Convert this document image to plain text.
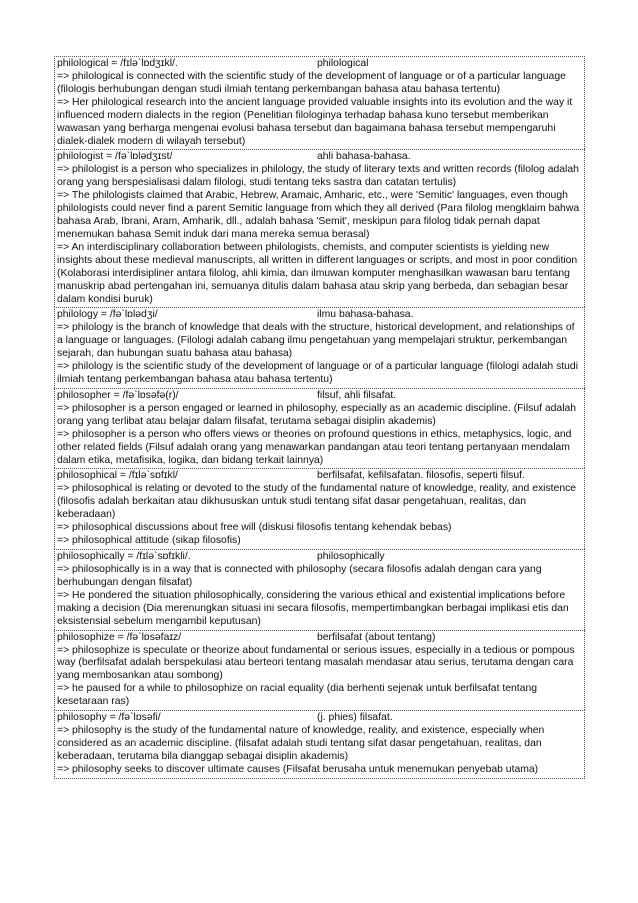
philological = /fɪlə`lɒdʒɪkl/.	philological
=> philological is connected with the scientific study of the development of language or of a particular language (filologis berhubungan dengan studi ilmiah tentang perkembangan bahasa atau bahasa tertentu)
=> Her philological research into the ancient language provided valuable insights into its evolution and the way it influenced modern dialects in the region (Penelitian filologinya terhadap bahasa kuno tersebut memberikan wawasan yang berharga mengenai evolusi bahasa tersebut dan bagaimana bahasa tersebut mempengaruhi dialek-dialek modern di wilayah tersebut)
philologist = /fə`lɒlədʒɪst/	ahli bahasa-bahasa.
=> philologist is a person who specializes in philology, the study of literary texts and written records (filolog adalah orang yang berspesialisasi dalam filologi, studi tentang teks sastra dan catatan tertulis)
=> The philologists claimed that Arabic, Hebrew, Aramaic, Amharic, etc., were 'Semitic' languages, even though philologists could never find a parent Semitic language from which they all derived (Para filolog mengklaim bahwa bahasa Arab, Ibrani, Aram, Amharik, dll., adalah bahasa 'Semit', meskipun para filolog tidak pernah dapat menemukan bahasa Semit induk dari mana mereka semua berasal)
=> An interdisciplinary collaboration between philologists, chemists, and computer scientists is yielding new insights about these medieval manuscripts, all written in different languages or scripts, and most in poor condition (Kolaborasi interdisipliner antara filolog, ahli kimia, dan ilmuwan komputer menghasilkan wawasan baru tentang manuskrip abad pertengahan ini, semuanya ditulis dalam bahasa atau skrip yang berbeda, dan sebagian besar dalam kondisi buruk)
philology = /fə`lɒlədʒi/	ilmu bahasa-bahasa.
=> philology is the branch of knowledge that deals with the structure, historical development, and relationships of a language or languages. (Filologi adalah cabang ilmu pengetahuan yang mempelajari struktur, perkembangan sejarah, dan hubungan suatu bahasa atau bahasa)
=> philology is the scientific study of the development of language or of a particular language (filologi adalah studi ilmiah tentang perkembangan bahasa atau bahasa tertentu)
philosopher = /fə`lɒsəfə(r)/	filsuf, ahli filsafat.
=> philosopher is a person engaged or learned in philosophy, especially as an academic discipline. (Filsuf adalah orang yang terlibat atau belajar dalam filsafat, terutama sebagai disiplin akademis)
=> philosopher is a person who offers views or theories on profound questions in ethics, metaphysics, logic, and other related fields (Filsuf adalah orang yang menawarkan pandangan atau teori tentang pertanyaan mendalam dalam etika, metafisika, logika, dan bidang terkait lainnya)
philosophical = /fɪlə`sɒfɪkl/	berfilsafat, kefilsafatan. filosofis, seperti filsuf.
=> philosophical is relating or devoted to the study of the fundamental nature of knowledge, reality, and existence (filosofis adalah berkaitan atau dikhususkan untuk studi tentang sifat dasar pengetahuan, realitas, dan keberadaan)
=> philosophical discussions about free will (diskusi filosofis tentang kehendak bebas)
=> philosophical attitude (sikap filosofis)
philosophically = /fɪlə`sɒfɪkli/.	philosophically
=> philosophically is in a way that is connected with philosophy (secara filosofis adalah dengan cara yang berhubungan dengan filsafat)
=> He pondered the situation philosophically, considering the various ethical and existential implications before making a decision (Dia merenungkan situasi ini secara filosofis, mempertimbangkan berbagai implikasi etis dan eksistensial sebelum mengambil keputusan)
philosophize = /fə`lɒsəfaɪz/	berfilsafat (about tentang)
=> philosophize is speculate or theorize about fundamental or serious issues, especially in a tedious or pompous way (berfilsafat adalah berspekulasi atau berteori tentang masalah mendasar atau serius, terutama dengan cara yang membosankan atau sombong)
=> he paused for a while to philosophize on racial equality (dia berhenti sejenak untuk berfilsafat tentang kesetaraan ras)
philosophy = /fə`lɒsəfi/	(j. phies) filsafat.
=> philosophy is the study of the fundamental nature of knowledge, reality, and existence, especially when considered as an academic discipline. (filsafat adalah studi tentang sifat dasar pengetahuan, realitas, dan keberadaan, terutama bila dianggap sebagai disiplin akademis)
=> philosophy seeks to discover ultimate causes (Filsafat berusaha untuk menemukan penyebab utama)
